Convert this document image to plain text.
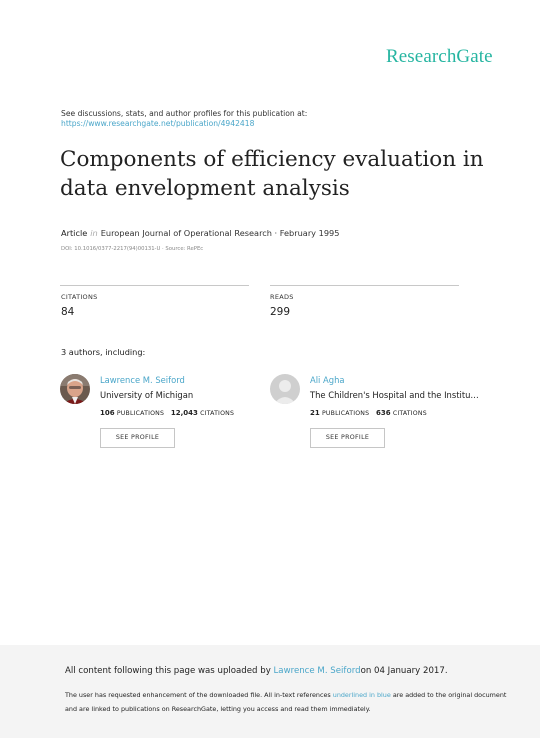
ResearchGate
See discussions, stats, and author profiles for this publication at:
https://www.researchgate.net/publication/4942418
Components of efficiency evaluation in
data envelopment analysis
Article in European Journal of Operational Research · February 1995
DOI: 10.1016/0377-2217(94)00131-U · Source: RePEc
CITATIONS
84
READS
299
3 authors, including:
Lawrence M. Seiford
University of Michigan
106 PUBLICATIONS 12,043 CITATIONS
SEE PROFILE
Ali Agha
The Children's Hospital and the Institu…
21 PUBLICATIONS 636 CITATIONS
SEE PROFILE
All content following this page was uploaded by Lawrence M. Seifordon 04 January 2017.
The user has requested enhancement of the downloaded file. All in-text references underlined in blue are added to the original document
and are linked to publications on ResearchGate, letting you access and read them immediately.
